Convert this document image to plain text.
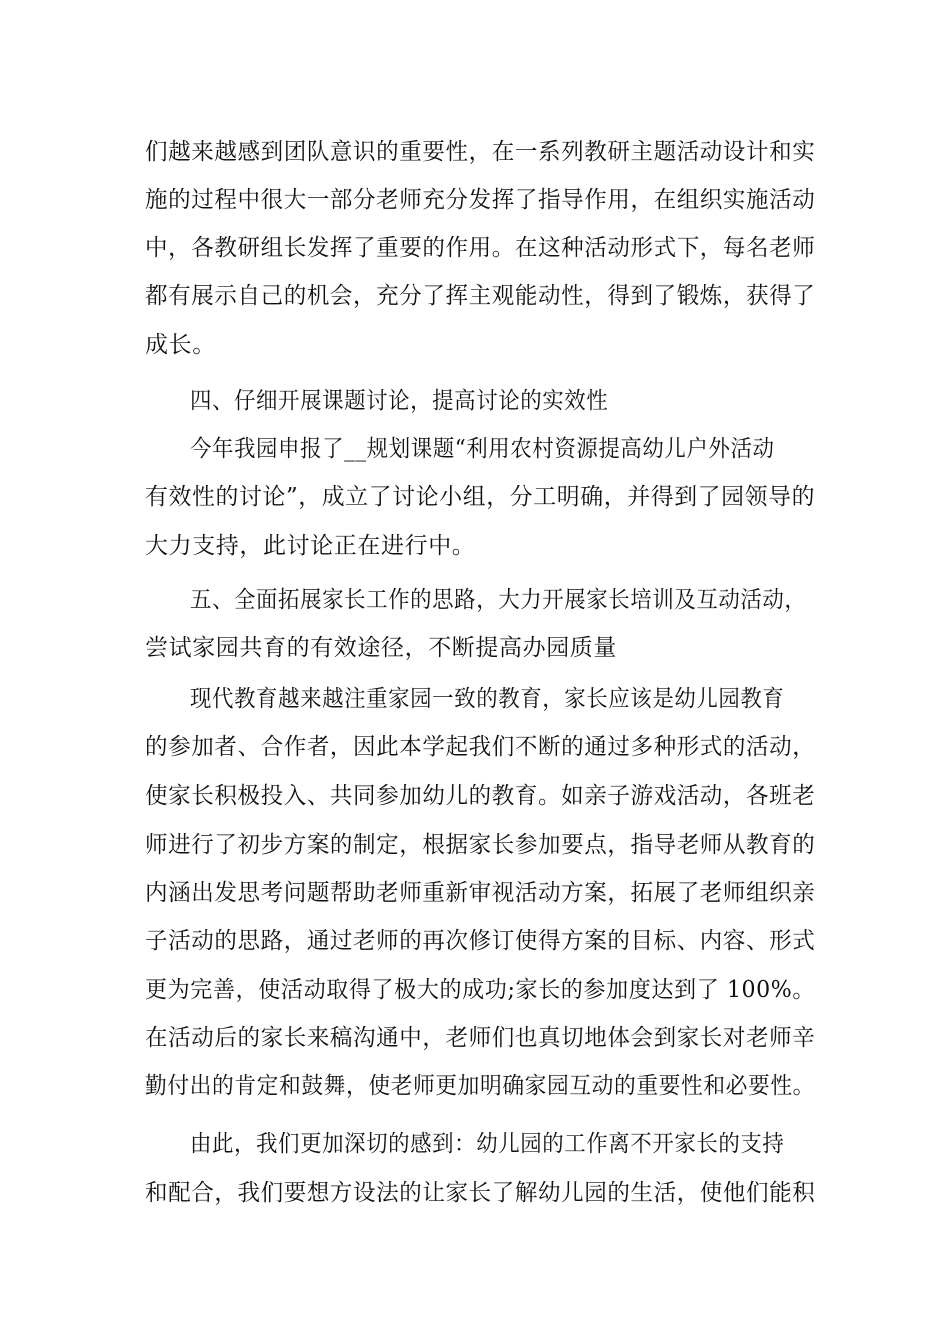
们越来越感到团队意识的重要性，在一系列教研主题活动设计和实
施的过程中很大一部分老师充分发挥了指导作用，在组织实施活动
中，各教研组长发挥了重要的作用。在这种活动形式下，每名老师
都有展示自己的机会，充分了挥主观能动性，得到了锻炼，获得了
成长。
四、仔细开展课题讨论，提高讨论的实效性
今年我园申报了__规划课题“利用农村资源提高幼儿户外活动
有效性的讨论”，成立了讨论小组，分工明确，并得到了园领导的
大力支持，此讨论正在进行中。
五、全面拓展家长工作的思路，大力开展家长培训及互动活动，
尝试家园共育的有效途径，不断提高办园质量
现代教育越来越注重家园一致的教育，家长应该是幼儿园教育
的参加者、合作者，因此本学起我们不断的通过多种形式的活动，
使家长积极投入、共同参加幼儿的教育。如亲子游戏活动，各班老
师进行了初步方案的制定，根据家长参加要点，指导老师从教育的
内涵出发思考问题帮助老师重新审视活动方案，拓展了老师组织亲
子活动的思路，通过老师的再次修订使得方案的目标、内容、形式
更为完善，使活动取得了极大的成功;家长的参加度达到了 100%。
在活动后的家长来稿沟通中，老师们也真切地体会到家长对老师辛
勤付出的肯定和鼓舞，使老师更加明确家园互动的重要性和必要性。
由此，我们更加深切的感到：幼儿园的工作离不开家长的支持
和配合，我们要想方设法的让家长了解幼儿园的生活，使他们能积
